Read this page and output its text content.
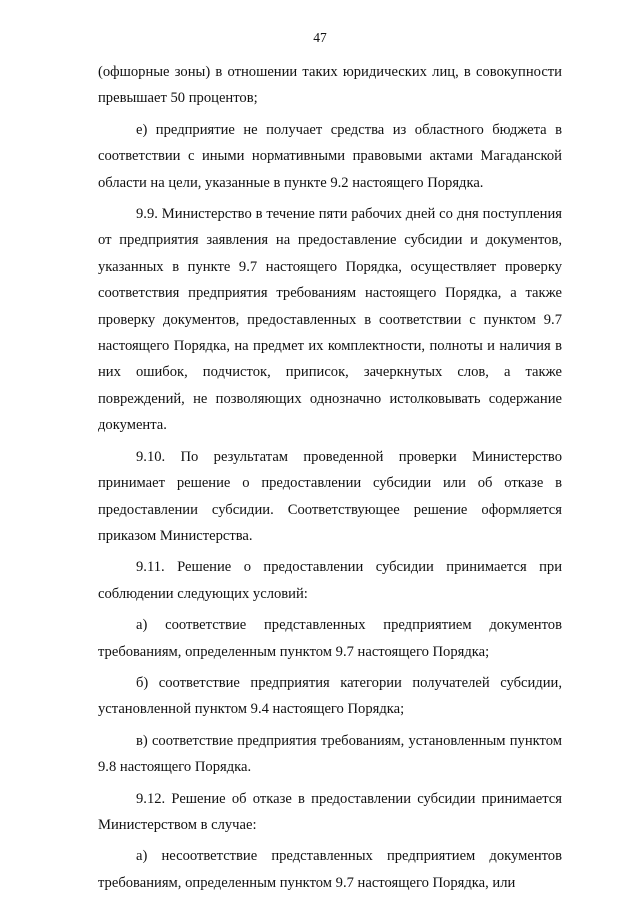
47

(офшорные зоны) в отношении таких юридических лиц, в совокупности превышает 50 процентов;

е) предприятие не получает средства из областного бюджета в соответствии с иными нормативными правовыми актами Магаданской области на цели, указанные в пункте 9.2 настоящего Порядка.

9.9. Министерство в течение пяти рабочих дней со дня поступления от предприятия заявления на предоставление субсидии и документов, указанных в пункте 9.7 настоящего Порядка, осуществляет проверку соответствия предприятия требованиям настоящего Порядка, а также проверку документов, предоставленных в соответствии с пунктом 9.7 настоящего Порядка, на предмет их комплектности, полноты и наличия в них ошибок, подчисток, приписок, зачеркнутых слов, а также повреждений, не позволяющих однозначно истолковывать содержание документа.

9.10. По результатам проведенной проверки Министерство принимает решение о предоставлении субсидии или об отказе в предоставлении субсидии. Соответствующее решение оформляется приказом Министерства.

9.11. Решение о предоставлении субсидии принимается при соблюдении следующих условий:

а) соответствие представленных предприятием документов требованиям, определенным пунктом 9.7 настоящего Порядка;

б) соответствие предприятия категории получателей субсидии, установленной пунктом 9.4 настоящего Порядка;

в) соответствие предприятия требованиям, установленным пунктом 9.8 настоящего Порядка.

9.12. Решение об отказе в предоставлении субсидии принимается Министерством в случае:

а) несоответствие представленных предприятием документов требованиям, определенным пунктом 9.7 настоящего Порядка, или
